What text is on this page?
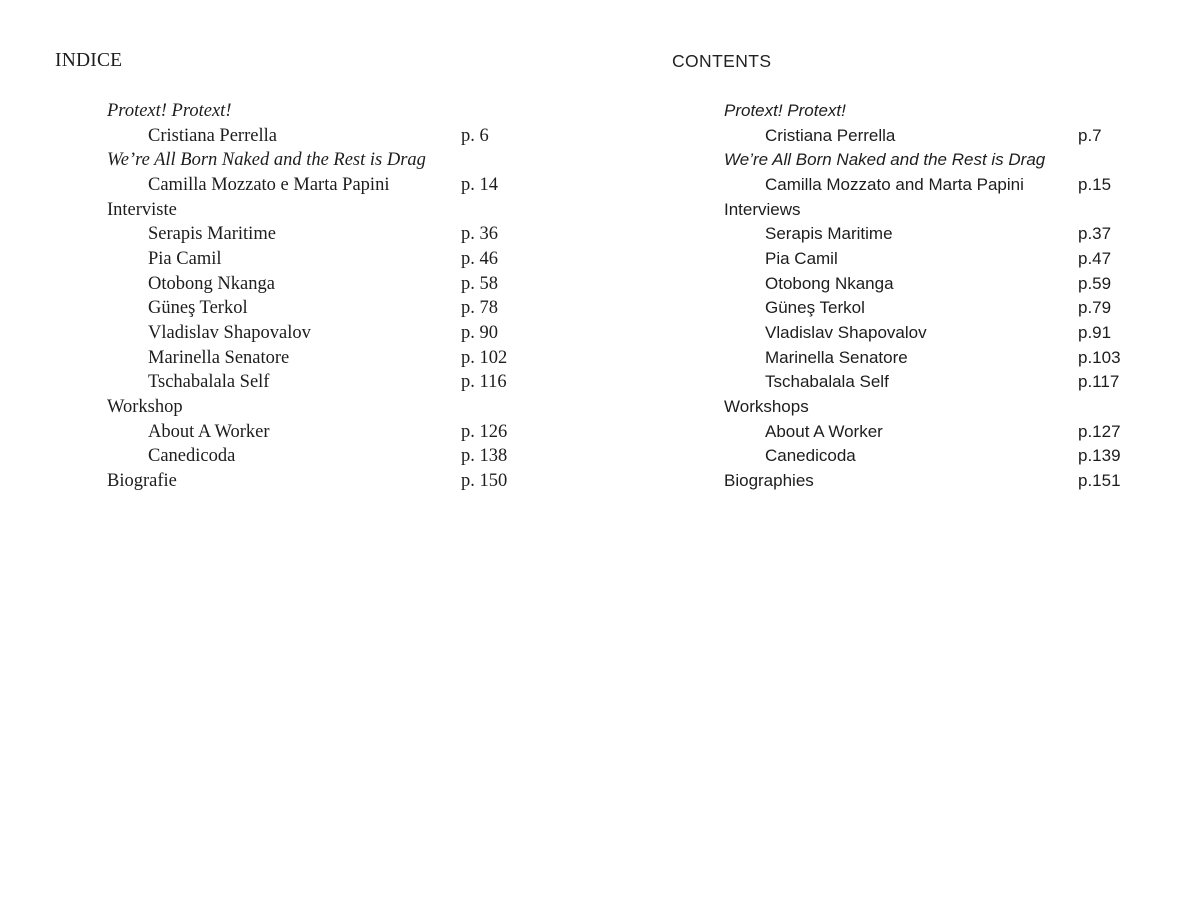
INDICE
Protext! Protext!
Cristiana Perrella	p. 6
We’re All Born Naked and the Rest is Drag
Camilla Mozzato e Marta Papini	p. 14
Interviste
Serapis Maritime	p. 36
Pia Camil	p. 46
Otobong Nkanga	p. 58
Güneş Terkol	p. 78
Vladislav Shapovalov	p. 90
Marinella Senatore	p. 102
Tschabalala Self	p. 116
Workshop
About A Worker	p. 126
Canedicoda	p. 138
Biografie	p. 150
CONTENTS
Protext! Protext!
Cristiana Perrella	p.7
We’re All Born Naked and the Rest is Drag
Camilla Mozzato and Marta Papini	p.15
Interviews
Serapis Maritime	p.37
Pia Camil	p.47
Otobong Nkanga	p.59
Güneş Terkol	p.79
Vladislav Shapovalov	p.91
Marinella Senatore	p.103
Tschabalala Self	p.117
Workshops
About A Worker	p.127
Canedicoda	p.139
Biographies	p.151
